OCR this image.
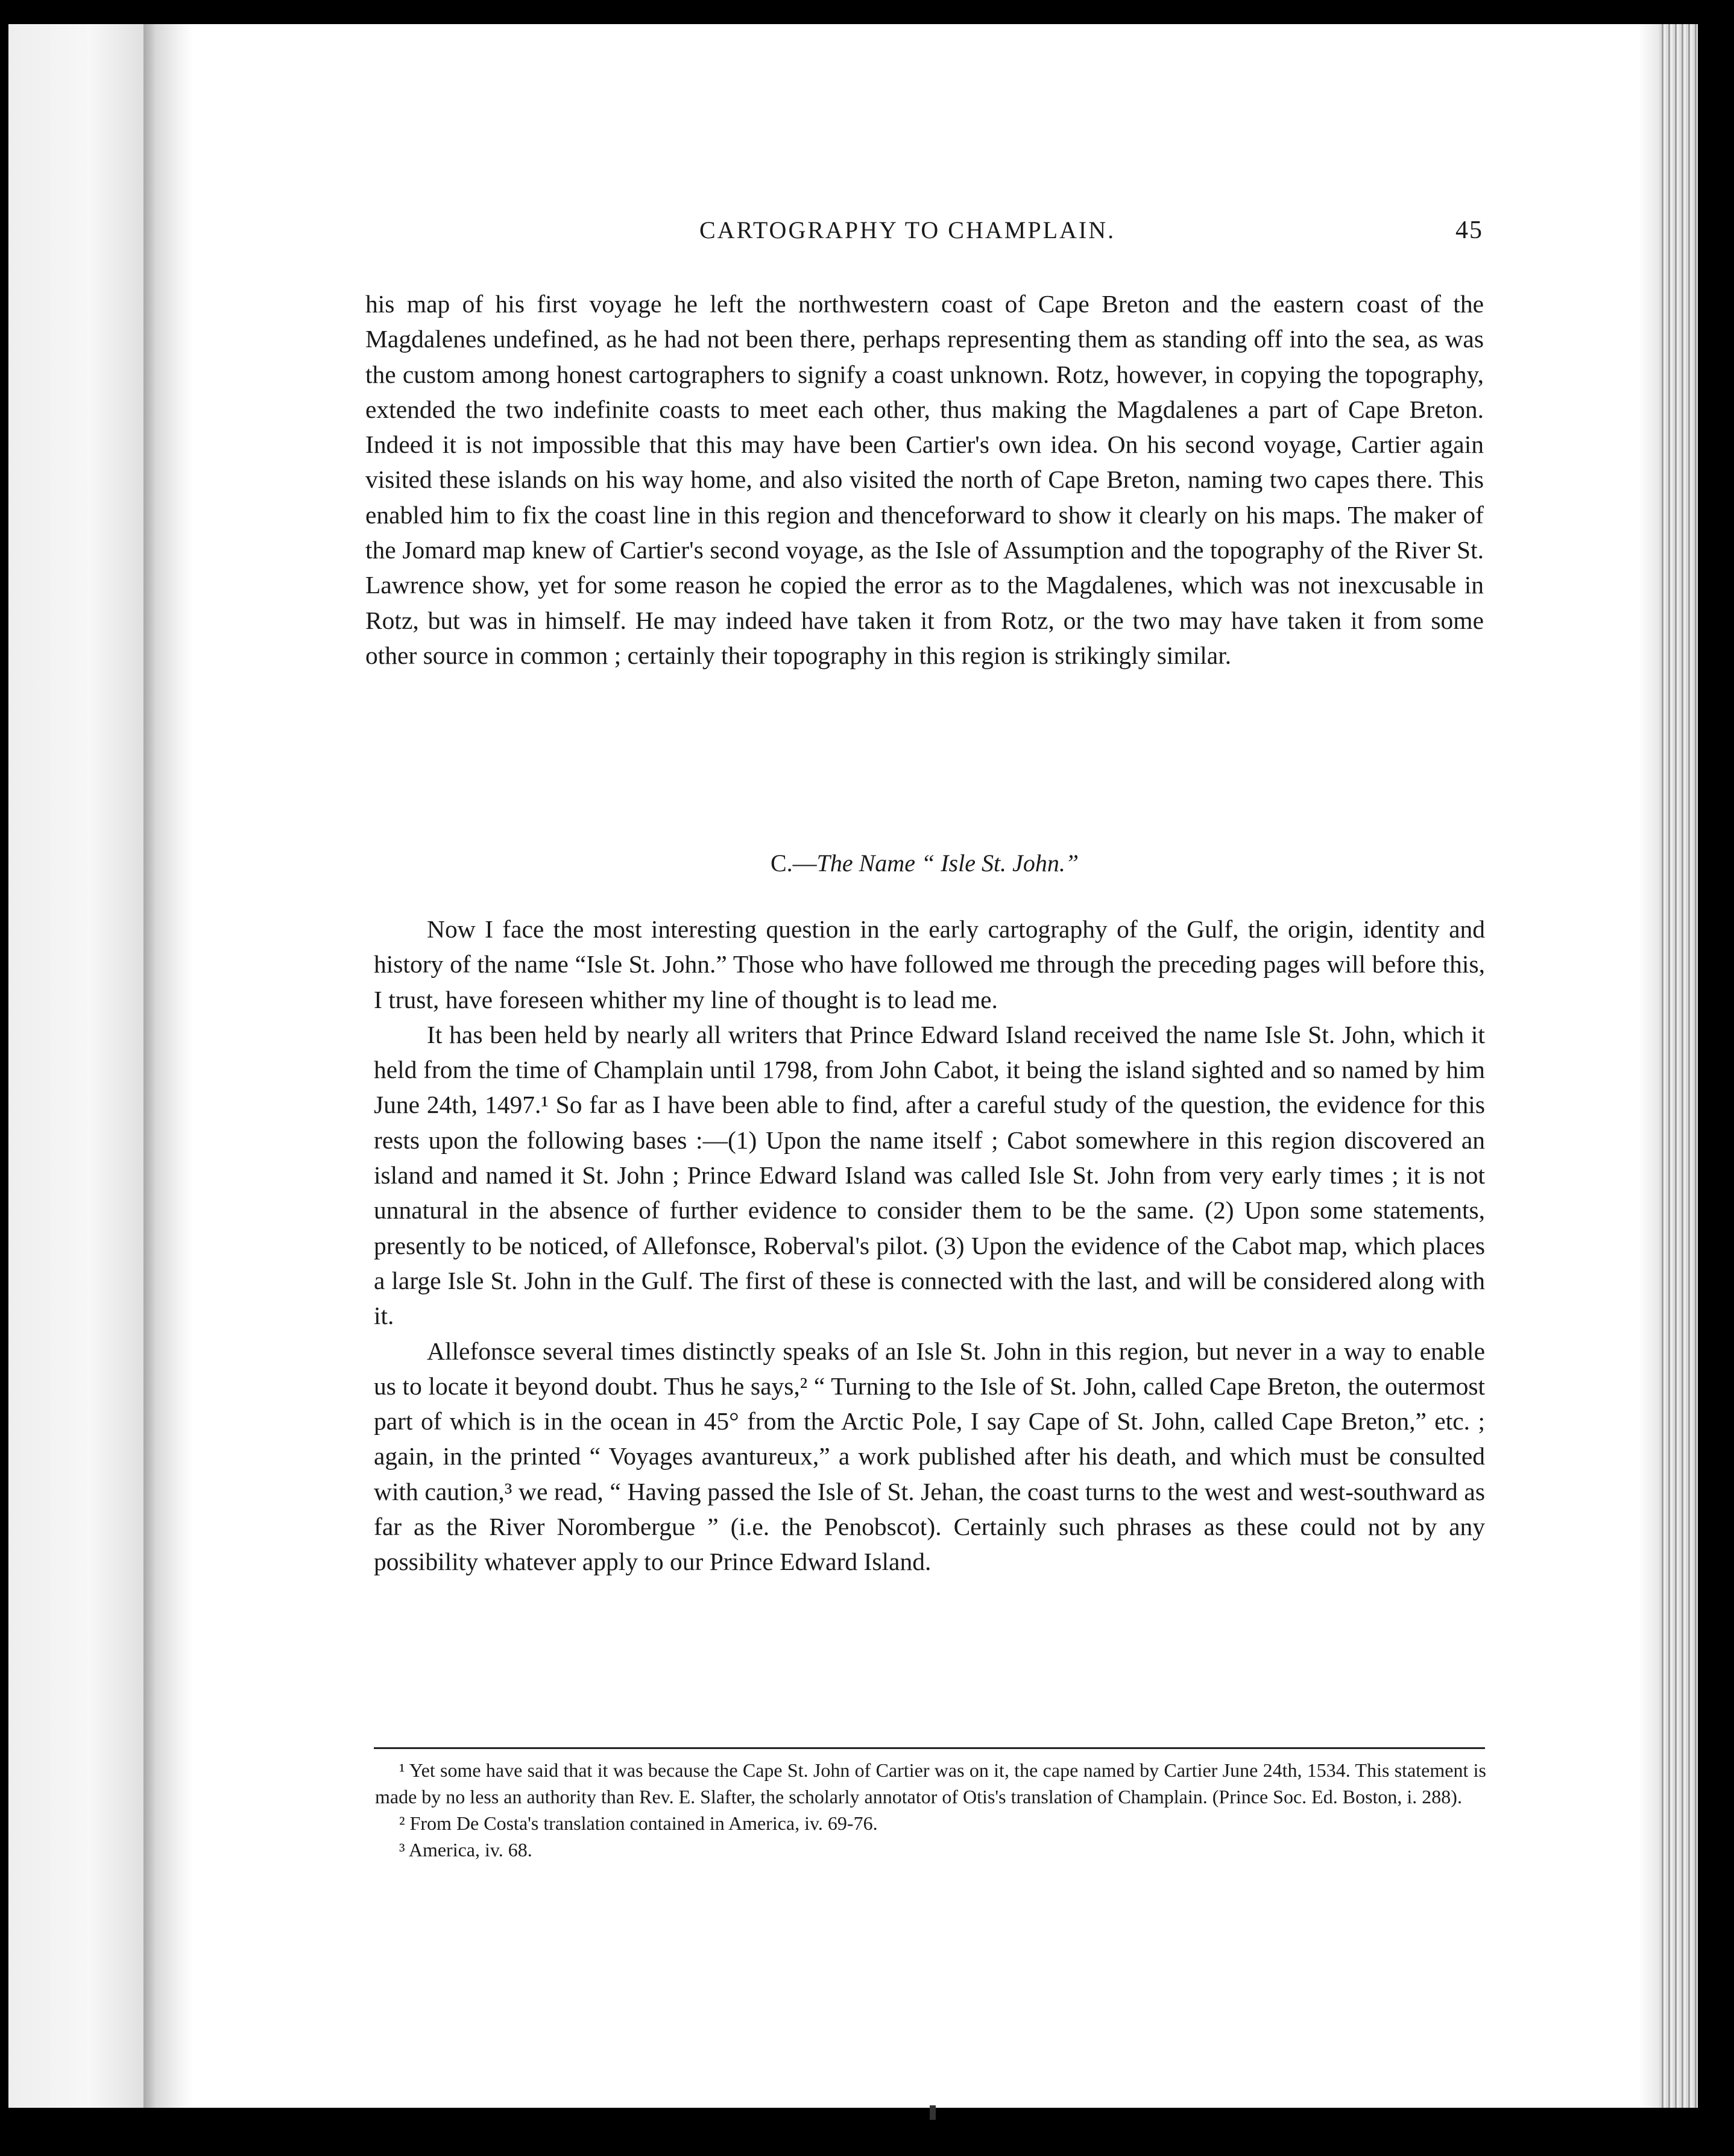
CARTOGRAPHY TO CHAMPLAIN.	45

his map of his first voyage he left the northwestern coast of Cape Breton and the eastern coast of the Magdalenes undefined, as he had not been there, perhaps representing them as standing off into the sea, as was the custom among honest cartographers to signify a coast unknown. Rotz, however, in copying the topography, extended the two indefinite coasts to meet each other, thus making the Magdalenes a part of Cape Breton. Indeed it is not impossible that this may have been Cartier's own idea. On his second voyage, Cartier again visited these islands on his way home, and also visited the north of Cape Breton, naming two capes there. This enabled him to fix the coast line in this region and thenceforward to show it clearly on his maps. The maker of the Jomard map knew of Cartier's second voyage, as the Isle of Assumption and the topography of the River St. Lawrence show, yet for some reason he copied the error as to the Magdalenes, which was not inexcusable in Rotz, but was in himself. He may indeed have taken it from Rotz, or the two may have taken it from some other source in common ; certainly their topography in this region is strikingly similar.

C.—The Name “ Isle St. John.”

Now I face the most interesting question in the early cartography of the Gulf, the origin, identity and history of the name “Isle St. John.” Those who have followed me through the preceding pages will before this, I trust, have foreseen whither my line of thought is to lead me.

It has been held by nearly all writers that Prince Edward Island received the name Isle St. John, which it held from the time of Champlain until 1798, from John Cabot, it being the island sighted and so named by him June 24th, 1497.¹ So far as I have been able to find, after a careful study of the question, the evidence for this rests upon the following bases :—(1) Upon the name itself ; Cabot somewhere in this region discovered an island and named it St. John ; Prince Edward Island was called Isle St. John from very early times ; it is not unnatural in the absence of further evidence to consider them to be the same. (2) Upon some statements, presently to be noticed, of Allefonsce, Roberval's pilot. (3) Upon the evidence of the Cabot map, which places a large Isle St. John in the Gulf. The first of these is connected with the last, and will be considered along with it.

Allefonsce several times distinctly speaks of an Isle St. John in this region, but never in a way to enable us to locate it beyond doubt. Thus he says,² “ Turning to the Isle of St. John, called Cape Breton, the outermost part of which is in the ocean in 45° from the Arctic Pole, I say Cape of St. John, called Cape Breton,” etc. ; again, in the printed “ Voyages avantureux,” a work published after his death, and which must be consulted with caution,³ we read, “ Having passed the Isle of St. Jehan, the coast turns to the west and west-southward as far as the River Norombergue ” (i.e. the Penobscot). Certainly such phrases as these could not by any possibility whatever apply to our Prince Edward Island.

¹ Yet some have said that it was because the Cape St. John of Cartier was on it, the cape named by Cartier June 24th, 1534. This statement is made by no less an authority than Rev. E. Slafter, the scholarly annotator of Otis's translation of Champlain. (Prince Soc. Ed. Boston, i. 288).

² From De Costa's translation contained in America, iv. 69-76.

³ America, iv. 68.
